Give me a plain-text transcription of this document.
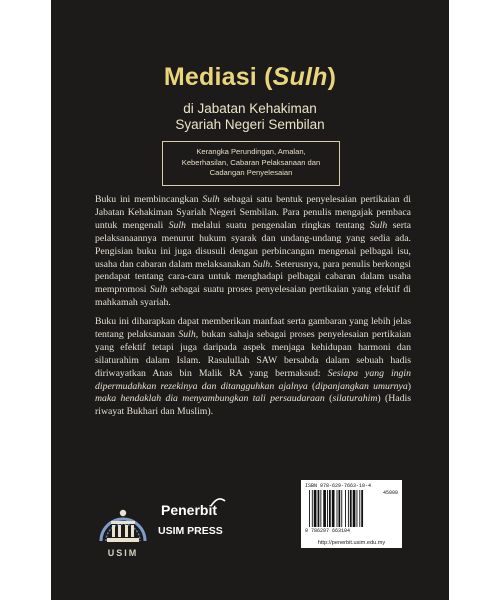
Mediasi (Sulh)
di Jabatan Kehakiman
Syariah Negeri Sembilan
Kerangka Perundingan, Amalan,
Keberhasilan, Cabaran Pelaksanaan dan
Cadangan Penyelesaian
Buku ini membincangkan Sulh sebagai satu bentuk penyelesaian pertikaian di Jabatan Kehakiman Syariah Negeri Sembilan. Para penulis mengajak pembaca untuk mengenali Sulh melalui suatu pengenalan ringkas tentang Sulh serta pelaksanaannya menurut hukum syarak dan undang-undang yang sedia ada. Pengisian buku ini juga disusuli dengan perbincangan mengenai pelbagai isu, usaha dan cabaran dalam melaksanakan Sulh. Seterusnya, para penulis berkongsi pendapat tentang cara-cara untuk menghadapi pelbagai cabaran dalam usaha mempromosi Sulh sebagai suatu proses penyelesaian pertikaian yang efektif di mahkamah syariah.
Buku ini diharapkan dapat memberikan manfaat serta gambaran yang lebih jelas tentang pelaksanaan Sulh, bukan sahaja sebagai proses penyelesaian pertikaian yang efektif tetapi juga daripada aspek menjaga kehidupan harmoni dan silaturahim dalam Islam. Rasulullah SAW bersabda dalam sebuah hadis diriwayatkan Anas bin Malik RA yang bermaksud: Sesiapa yang ingin dipermudahkan rezekinya dan ditangguhkan ajalnya (dipanjangkan umurnya) maka hendaklah dia menyambungkan tali persaudaraan (silaturahim) (Hadis riwayat Bukhari dan Muslim).
USIM
Penerbit
USIM PRESS
ISBN 978-629-7663-10-4
45000
9 786297 663104
http://penerbit.usim.edu.my
